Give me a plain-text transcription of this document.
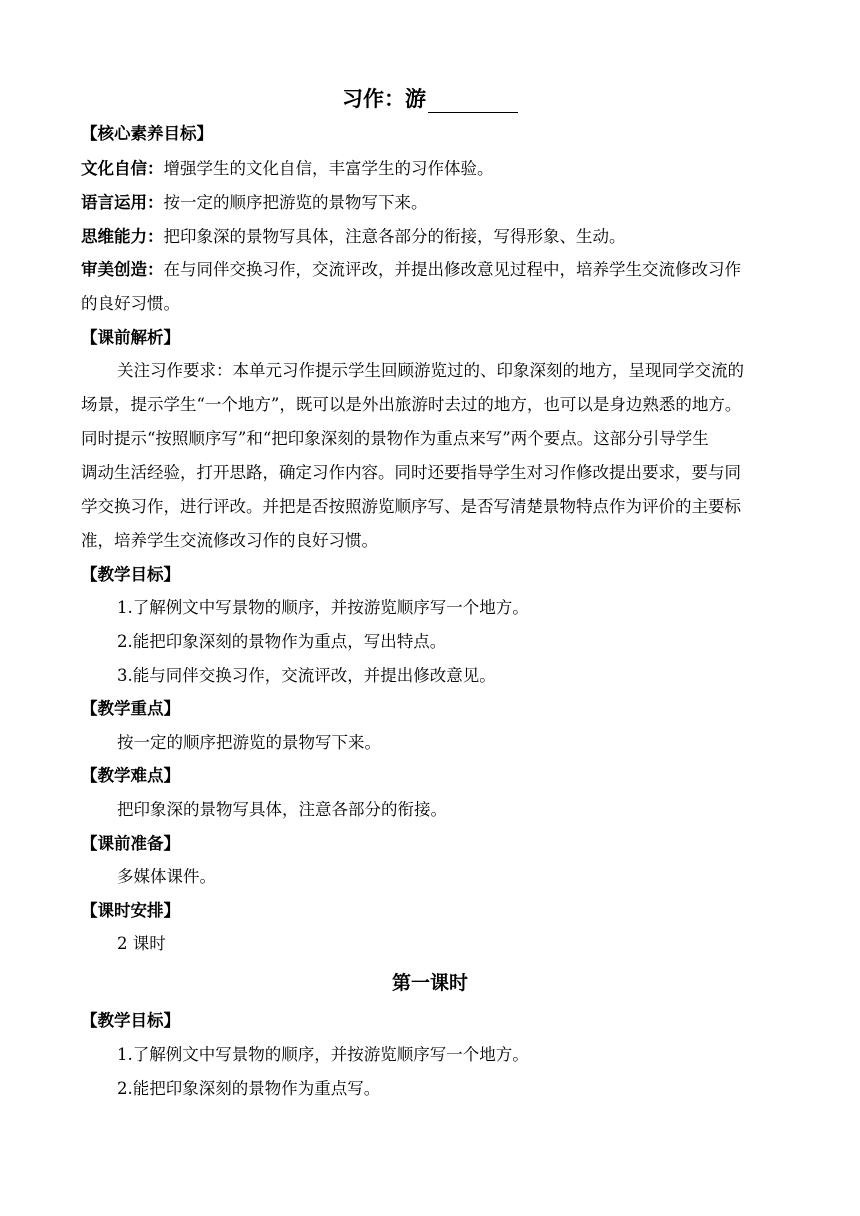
习作：游
【核心素养目标】
文化自信：增强学生的文化自信，丰富学生的习作体验。
语言运用：按一定的顺序把游览的景物写下来。
思维能力：把印象深的景物写具体，注意各部分的衔接，写得形象、生动。
审美创造：在与同伴交换习作，交流评改，并提出修改意见过程中，培养学生交流修改习作
的良好习惯。
【课前解析】
关注习作要求：本单元习作提示学生回顾游览过的、印象深刻的地方，呈现同学交流的
场景，提示学生“一个地方”，既可以是外出旅游时去过的地方，也可以是身边熟悉的地方。
同时提示“按照顺序写”和“把印象深刻的景物作为重点来写”两个要点。这部分引导学生
调动生活经验，打开思路，确定习作内容。同时还要指导学生对习作修改提出要求，要与同
学交换习作，进行评改。并把是否按照游览顺序写、是否写清楚景物特点作为评价的主要标
准，培养学生交流修改习作的良好习惯。
【教学目标】
1.了解例文中写景物的顺序，并按游览顺序写一个地方。
2.能把印象深刻的景物作为重点，写出特点。
3.能与同伴交换习作，交流评改，并提出修改意见。
【教学重点】
按一定的顺序把游览的景物写下来。
【教学难点】
把印象深的景物写具体，注意各部分的衔接。
【课前准备】
多媒体课件。
【课时安排】
2 课时
第一课时
【教学目标】
1.了解例文中写景物的顺序，并按游览顺序写一个地方。
2.能把印象深刻的景物作为重点写。
